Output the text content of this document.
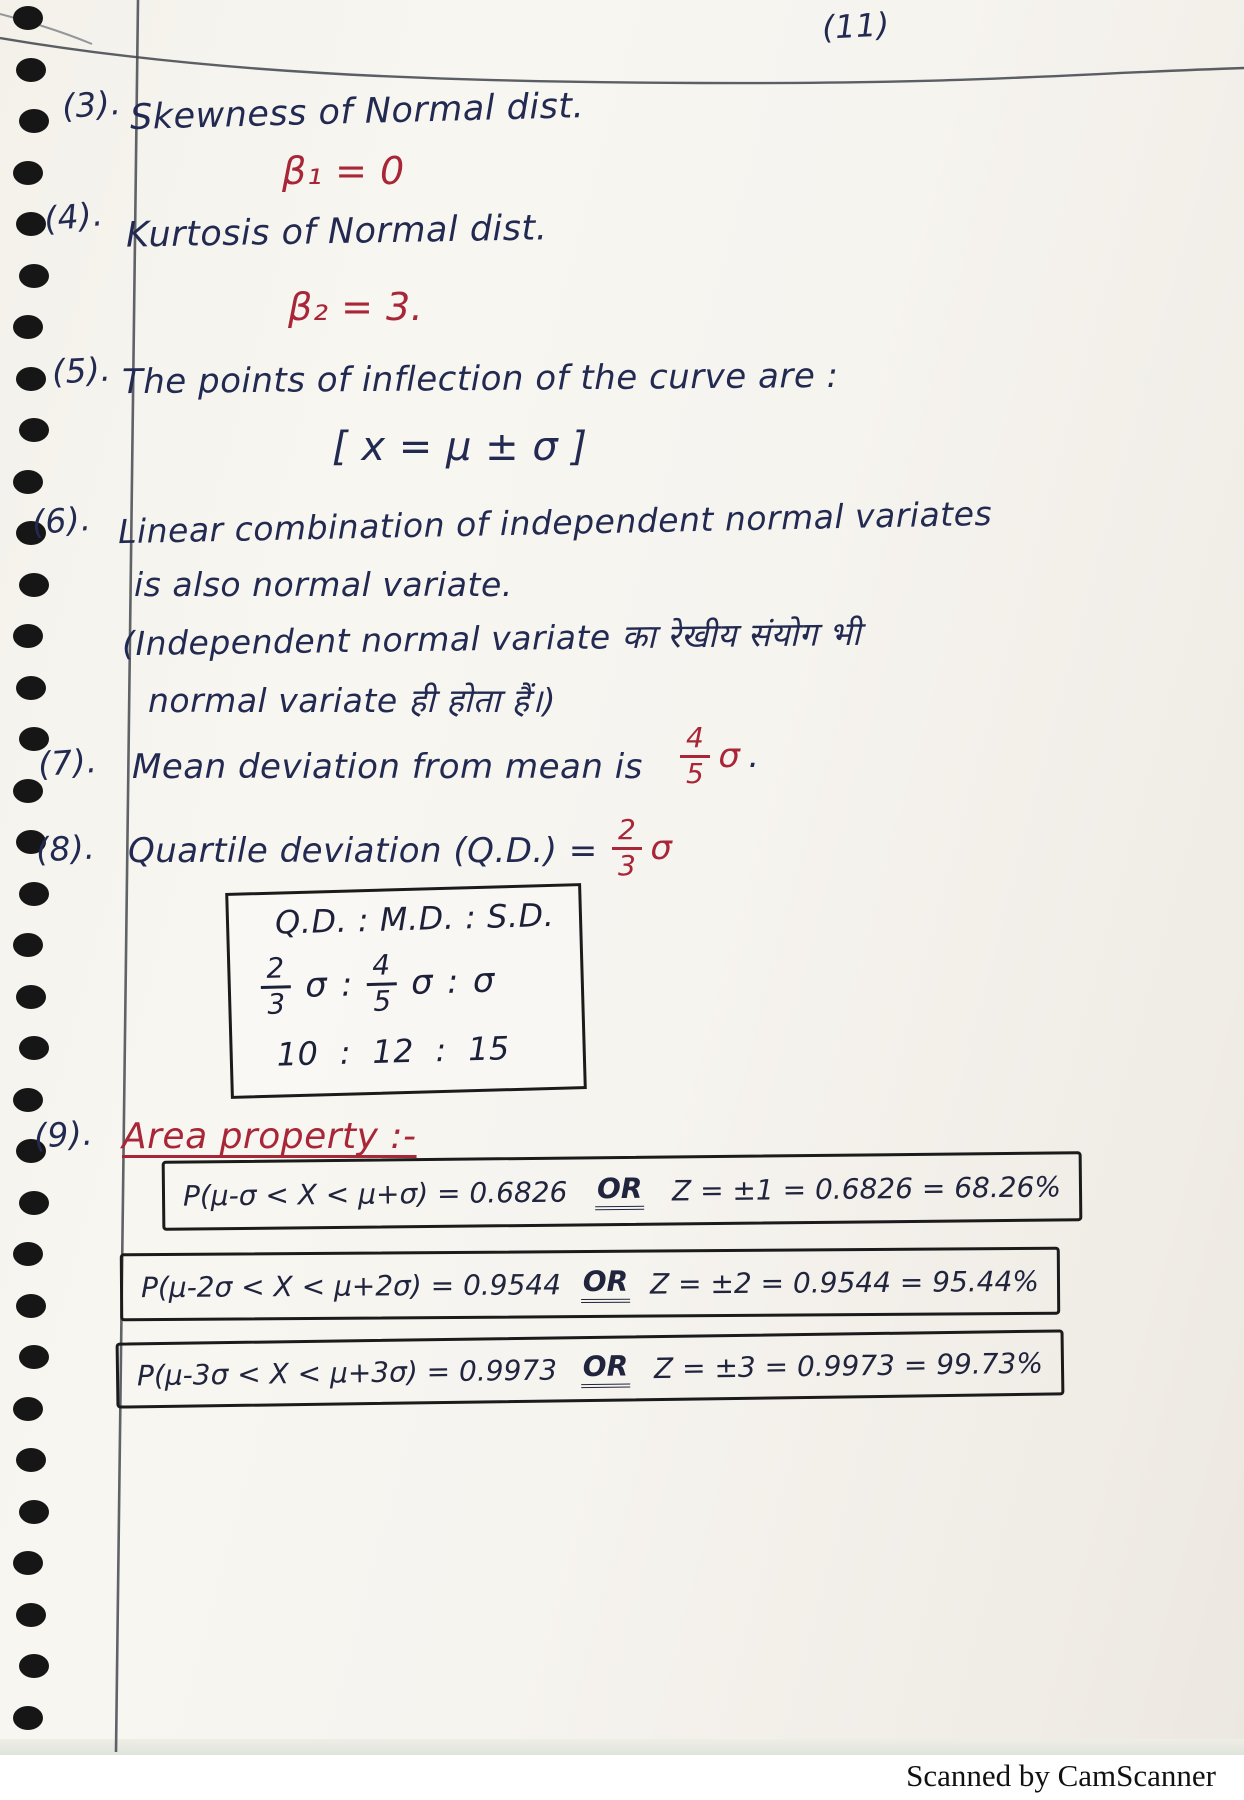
(11)
(3). Skewness of Normal dist.
β₁ = 0
(4). Kurtosis of Normal dist.
β₂ = 3.
(5). The points of inflection of the curve are :
[ x = μ ± σ ]
(6). Linear combination of independent normal variates
is also normal variate.
(Independent normal variate का रेखीय संयोग भी
normal variate ही होता हैं।)
(7). Mean deviation from mean is $\frac{4}{5}$ σ .
(8). Quartile deviation $(Q.D.) = \frac{2}{3}$ σ
Q.D. : M.D. : S.D.
$\frac{2}{3}$ σ : $\frac{4}{5}$ σ : σ
10  :  12  :  15
(9). Area property :-
P(μ-σ < X < μ+σ) = 0.6826 OR Z = ±1 = 0.6826 = 68.26%
P(μ-2σ < X < μ+2σ) = 0.9544 OR Z = ±2 = 0.9544 = 95.44%
P(μ-3σ < X < μ+3σ) = 0.9973 OR Z = ±3 = 0.9973 = 99.73%
Scanned by CamScanner
